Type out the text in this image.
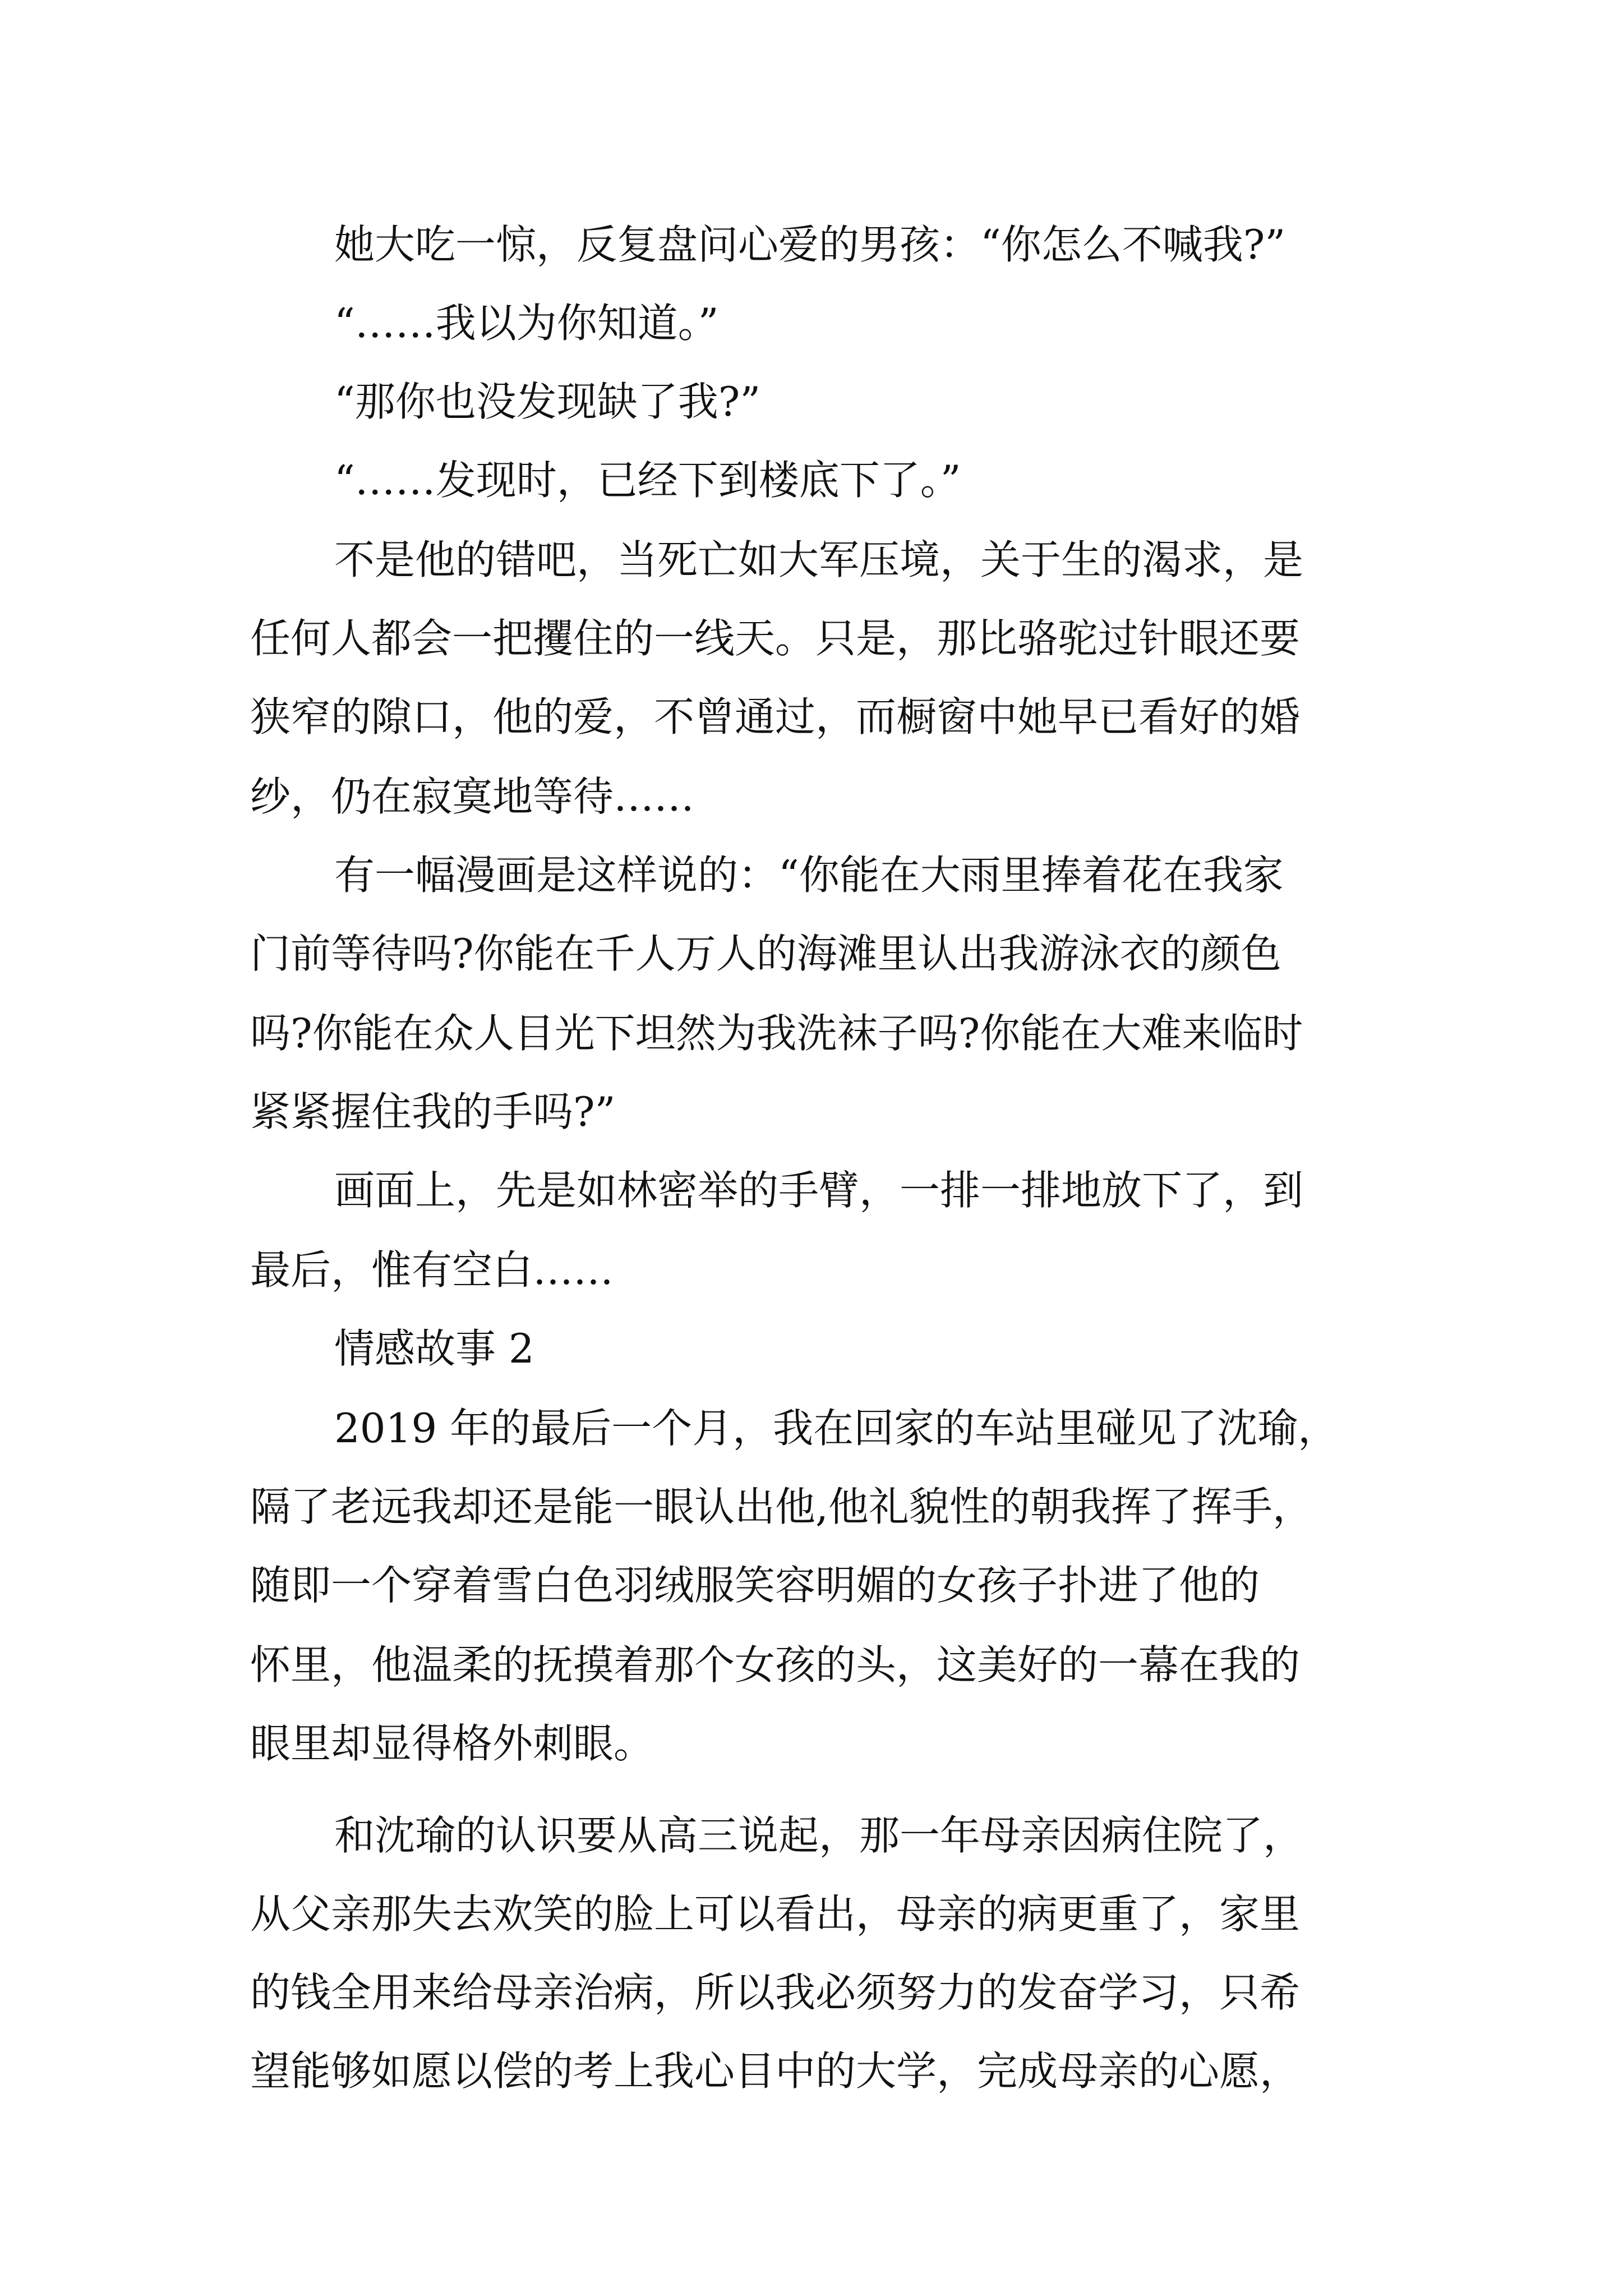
她大吃一惊，反复盘问心爱的男孩：“你怎么不喊我?”

“……我以为你知道。”

“那你也没发现缺了我?”

“……发现时，已经下到楼底下了。”

不是他的错吧，当死亡如大军压境，关于生的渴求，是

任何人都会一把攫住的一线天。只是，那比骆驼过针眼还要

狭窄的隙口，他的爱，不曾通过，而橱窗中她早已看好的婚

纱，仍在寂寞地等待……

有一幅漫画是这样说的：“你能在大雨里捧着花在我家

门前等待吗?你能在千人万人的海滩里认出我游泳衣的颜色

吗?你能在众人目光下坦然为我洗袜子吗?你能在大难来临时

紧紧握住我的手吗?”

画面上，先是如林密举的手臂，一排一排地放下了，到

最后，惟有空白……

情感故事 2

2019 年的最后一个月，我在回家的车站里碰见了沈瑜，

隔了老远我却还是能一眼认出他,他礼貌性的朝我挥了挥手，

随即一个穿着雪白色羽绒服笑容明媚的女孩子扑进了他的

怀里，他温柔的抚摸着那个女孩的头，这美好的一幕在我的

眼里却显得格外刺眼。

和沈瑜的认识要从高三说起，那一年母亲因病住院了，

从父亲那失去欢笑的脸上可以看出，母亲的病更重了，家里

的钱全用来给母亲治病，所以我必须努力的发奋学习，只希

望能够如愿以偿的考上我心目中的大学，完成母亲的心愿，
